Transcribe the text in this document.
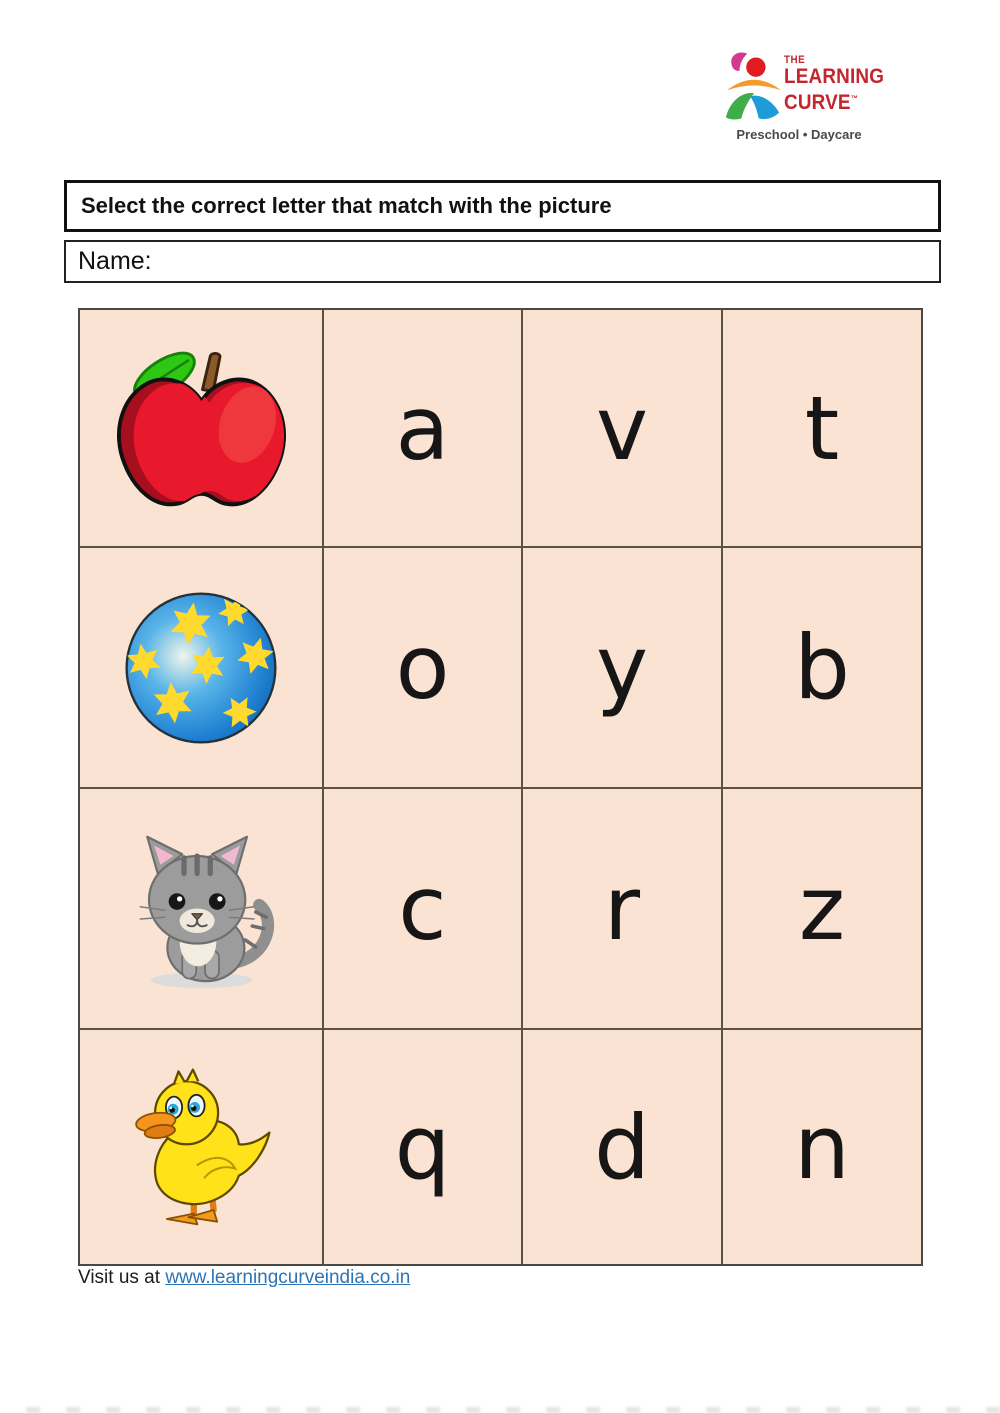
THE
LEARNING
CURVE™
Preschool • Daycare
Select the correct letter that match with the picture
Name:
a v t
o y b
c r z
q d n
Visit us at www.learningcurveindia.co.in
